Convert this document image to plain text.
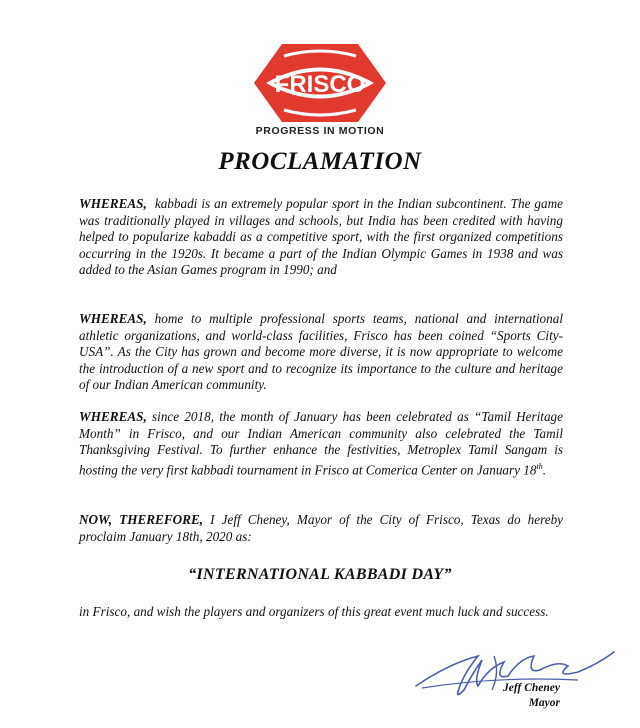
FRISCO
PROGRESS IN MOTION
PROCLAMATION

WHEREAS, kabbadi is an extremely popular sport in the Indian subcontinent. The game was traditionally played in villages and schools, but India has been credited with having helped to popularize kabaddi as a competitive sport, with the first organized competitions occurring in the 1920s. It became a part of the Indian Olympic Games in 1938 and was added to the Asian Games program in 1990; and

WHEREAS, home to multiple professional sports teams, national and international athletic organizations, and world-class facilities, Frisco has been coined “Sports City-USA”. As the City has grown and become more diverse, it is now appropriate to welcome the introduction of a new sport and to recognize its importance to the culture and heritage of our Indian American community.

WHEREAS, since 2018, the month of January has been celebrated as “Tamil Heritage Month” in Frisco, and our Indian American community also celebrated the Tamil Thanksgiving Festival. To further enhance the festivities, Metroplex Tamil Sangam is hosting the very first kabbadi tournament in Frisco at Comerica Center on January 18th.

NOW, THEREFORE, I Jeff Cheney, Mayor of the City of Frisco, Texas do hereby proclaim January 18th, 2020 as:

“INTERNATIONAL KABBADI DAY”

in Frisco, and wish the players and organizers of this great event much luck and success.

Jeff Cheney
Mayor
